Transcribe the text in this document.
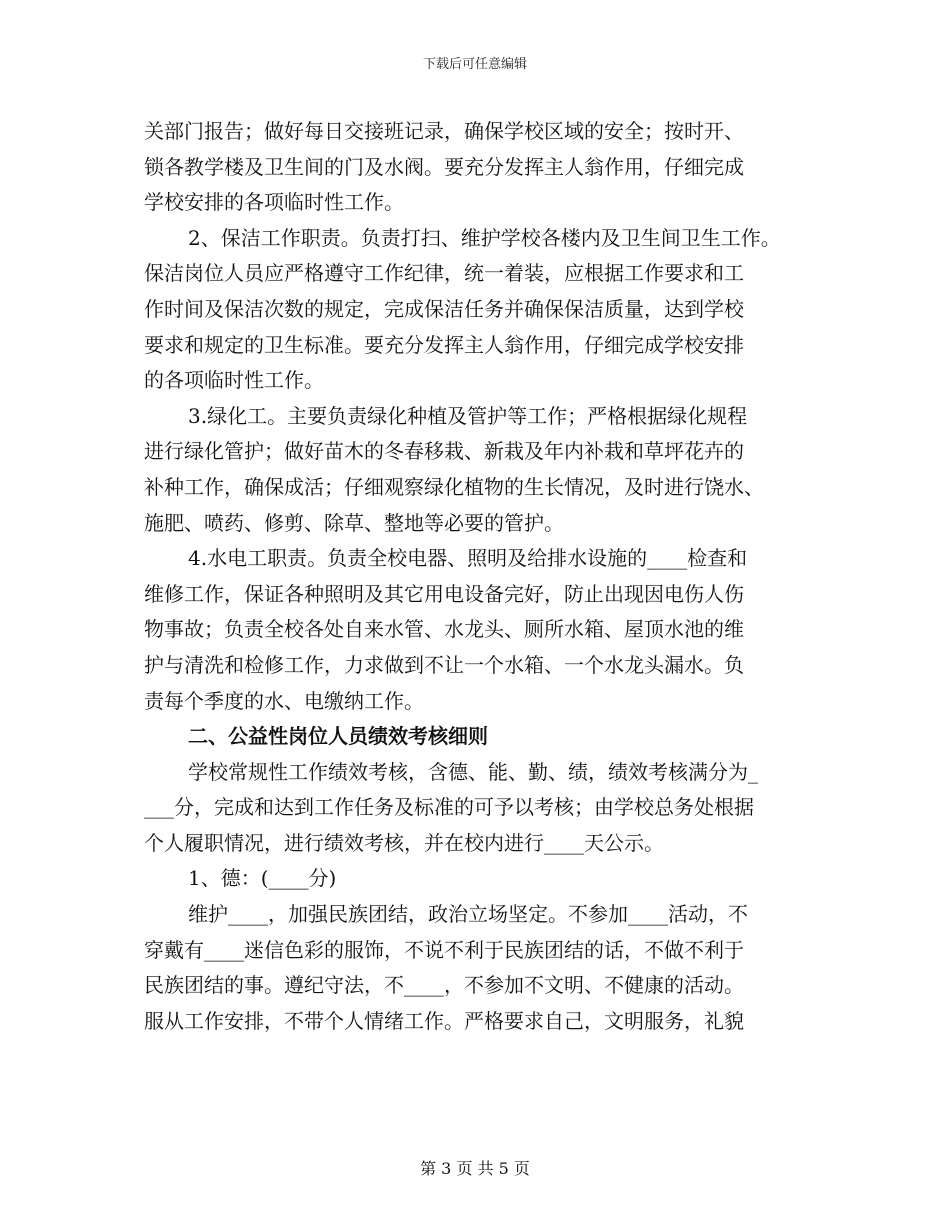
下载后可任意编辑
关部门报告；做好每日交接班记录，确保学校区域的安全；按时开、
锁各教学楼及卫生间的门及水阀。要充分发挥主人翁作用，仔细完成
学校安排的各项临时性工作。
2、保洁工作职责。负责打扫、维护学校各楼内及卫生间卫生工作。
保洁岗位人员应严格遵守工作纪律，统一着装，应根据工作要求和工
作时间及保洁次数的规定，完成保洁任务并确保保洁质量，达到学校
要求和规定的卫生标准。要充分发挥主人翁作用，仔细完成学校安排
的各项临时性工作。
3.绿化工。主要负责绿化种植及管护等工作；严格根据绿化规程
进行绿化管护；做好苗木的冬春移栽、新栽及年内补栽和草坪花卉的
补种工作，确保成活；仔细观察绿化植物的生长情况，及时进行饶水、
施肥、喷药、修剪、除草、整地等必要的管护。
4.水电工职责。负责全校电器、照明及给排水设施的____检查和
维修工作，保证各种照明及其它用电设备完好，防止出现因电伤人伤
物事故；负责全校各处自来水管、水龙头、厕所水箱、屋顶水池的维
护与清洗和检修工作，力求做到不让一个水箱、一个水龙头漏水。负
责每个季度的水、电缴纳工作。
二、公益性岗位人员绩效考核细则
学校常规性工作绩效考核，含德、能、勤、绩，绩效考核满分为_
___分，完成和达到工作任务及标准的可予以考核；由学校总务处根据
个人履职情况，进行绩效考核，并在校内进行____天公示。
1、德：(____分)
维护____，加强民族团结，政治立场坚定。不参加____活动，不
穿戴有____迷信色彩的服饰，不说不利于民族团结的话，不做不利于
民族团结的事。遵纪守法，不____，不参加不文明、不健康的活动。
服从工作安排，不带个人情绪工作。严格要求自己，文明服务，礼貌
第 3 页 共 5 页
